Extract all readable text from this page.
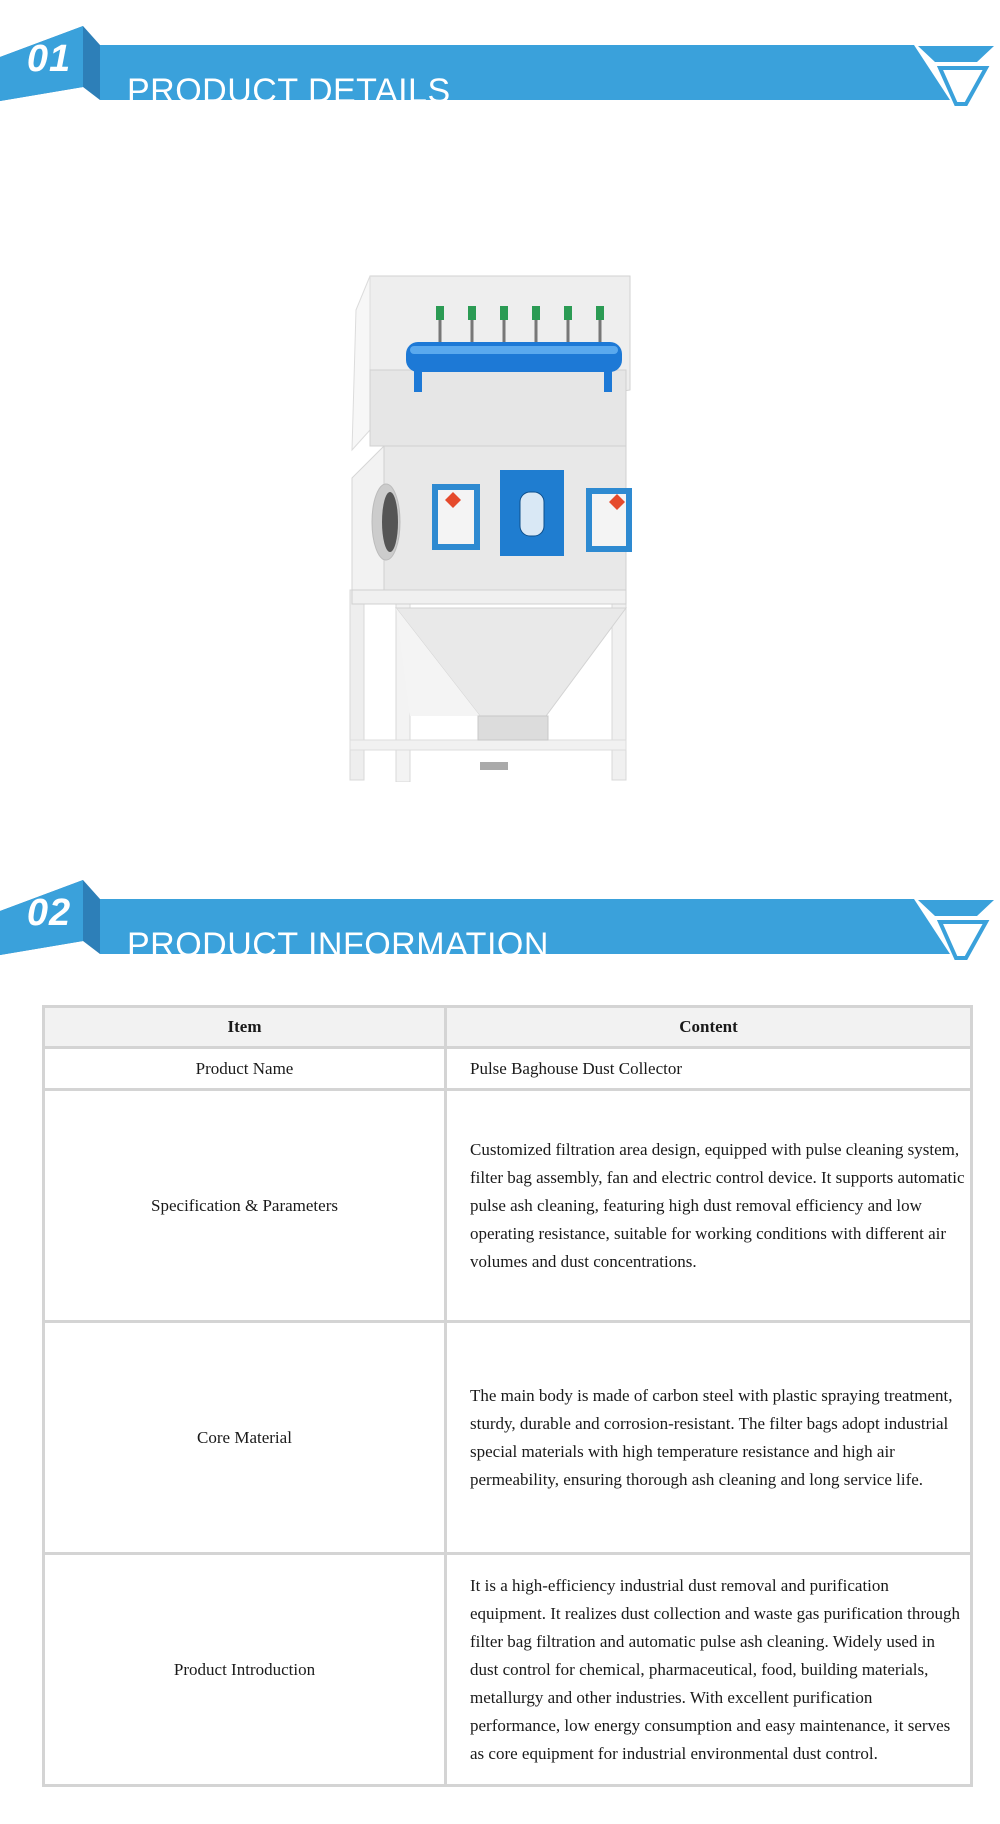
01
PRODUCT DETAILS
02
PRODUCT INFORMATION
Item	Content
Product Name	Pulse Baghouse Dust Collector
Specification & Parameters	Customized filtration area design, equipped with pulse cleaning system, filter bag assembly, fan and electric control device. It supports automatic pulse ash cleaning, featuring high dust removal efficiency and low operating resistance, suitable for working conditions with different air volumes and dust concentrations.
Core Material	The main body is made of carbon steel with plastic spraying treatment, sturdy, durable and corrosion-resistant. The filter bags adopt industrial special materials with high temperature resistance and high air permeability, ensuring thorough ash cleaning and long service life.
Product Introduction	It is a high-efficiency industrial dust removal and purification equipment. It realizes dust collection and waste gas purification through filter bag filtration and automatic pulse ash cleaning. Widely used in dust control for chemical, pharmaceutical, food, building materials, metallurgy and other industries. With excellent purification performance, low energy consumption and easy maintenance, it serves as core equipment for industrial environmental dust control.
